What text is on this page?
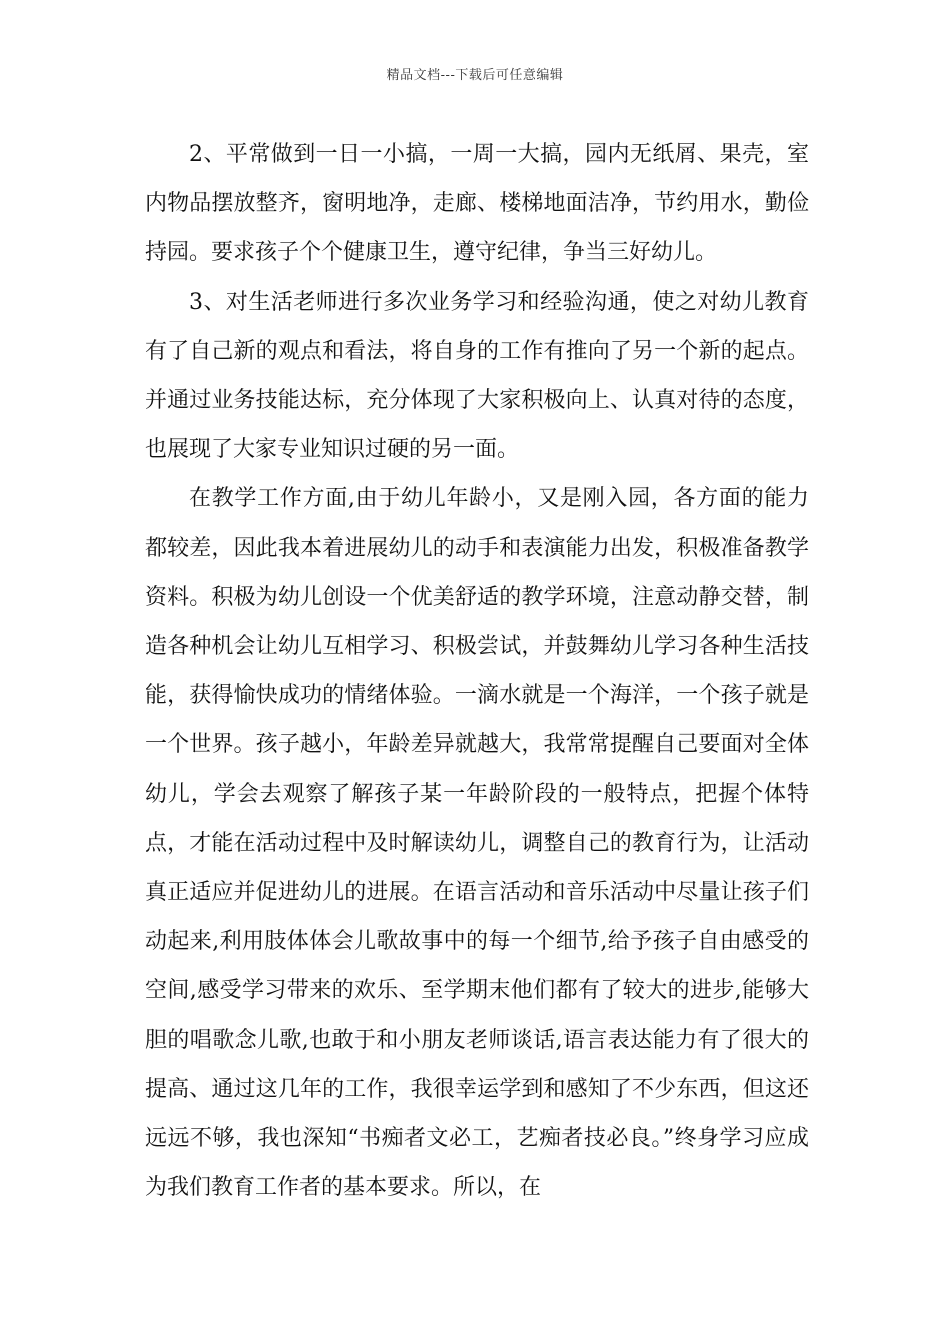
精品文档---下载后可任意编辑

2、平常做到一日一小搞，一周一大搞，园内无纸屑、果壳，室内物品摆放整齐，窗明地净，走廊、楼梯地面洁净，节约用水，勤俭持园。要求孩子个个健康卫生，遵守纪律，争当三好幼儿。

3、对生活老师进行多次业务学习和经验沟通，使之对幼儿教育有了自己新的观点和看法，将自身的工作有推向了另一个新的起点。并通过业务技能达标，充分体现了大家积极向上、认真对待的态度，也展现了大家专业知识过硬的另一面。

在教学工作方面,由于幼儿年龄小，又是刚入园，各方面的能力都较差，因此我本着进展幼儿的动手和表演能力出发，积极准备教学资料。积极为幼儿创设一个优美舒适的教学环境，注意动静交替，制造各种机会让幼儿互相学习、积极尝试，并鼓舞幼儿学习各种生活技能，获得愉快成功的情绪体验。一滴水就是一个海洋，一个孩子就是一个世界。孩子越小，年龄差异就越大，我常常提醒自己要面对全体幼儿，学会去观察了解孩子某一年龄阶段的一般特点，把握个体特点，才能在活动过程中及时解读幼儿，调整自己的教育行为，让活动真正适应并促进幼儿的进展。在语言活动和音乐活动中尽量让孩子们动起来,利用肢体体会儿歌故事中的每一个细节,给予孩子自由感受的空间,感受学习带来的欢乐、至学期末他们都有了较大的进步,能够大胆的唱歌念儿歌,也敢于和小朋友老师谈话,语言表达能力有了很大的提高、通过这几年的工作，我很幸运学到和感知了不少东西，但这还远远不够，我也深知“书痴者文必工，艺痴者技必良。”终身学习应成为我们教育工作者的基本要求。所以，在
